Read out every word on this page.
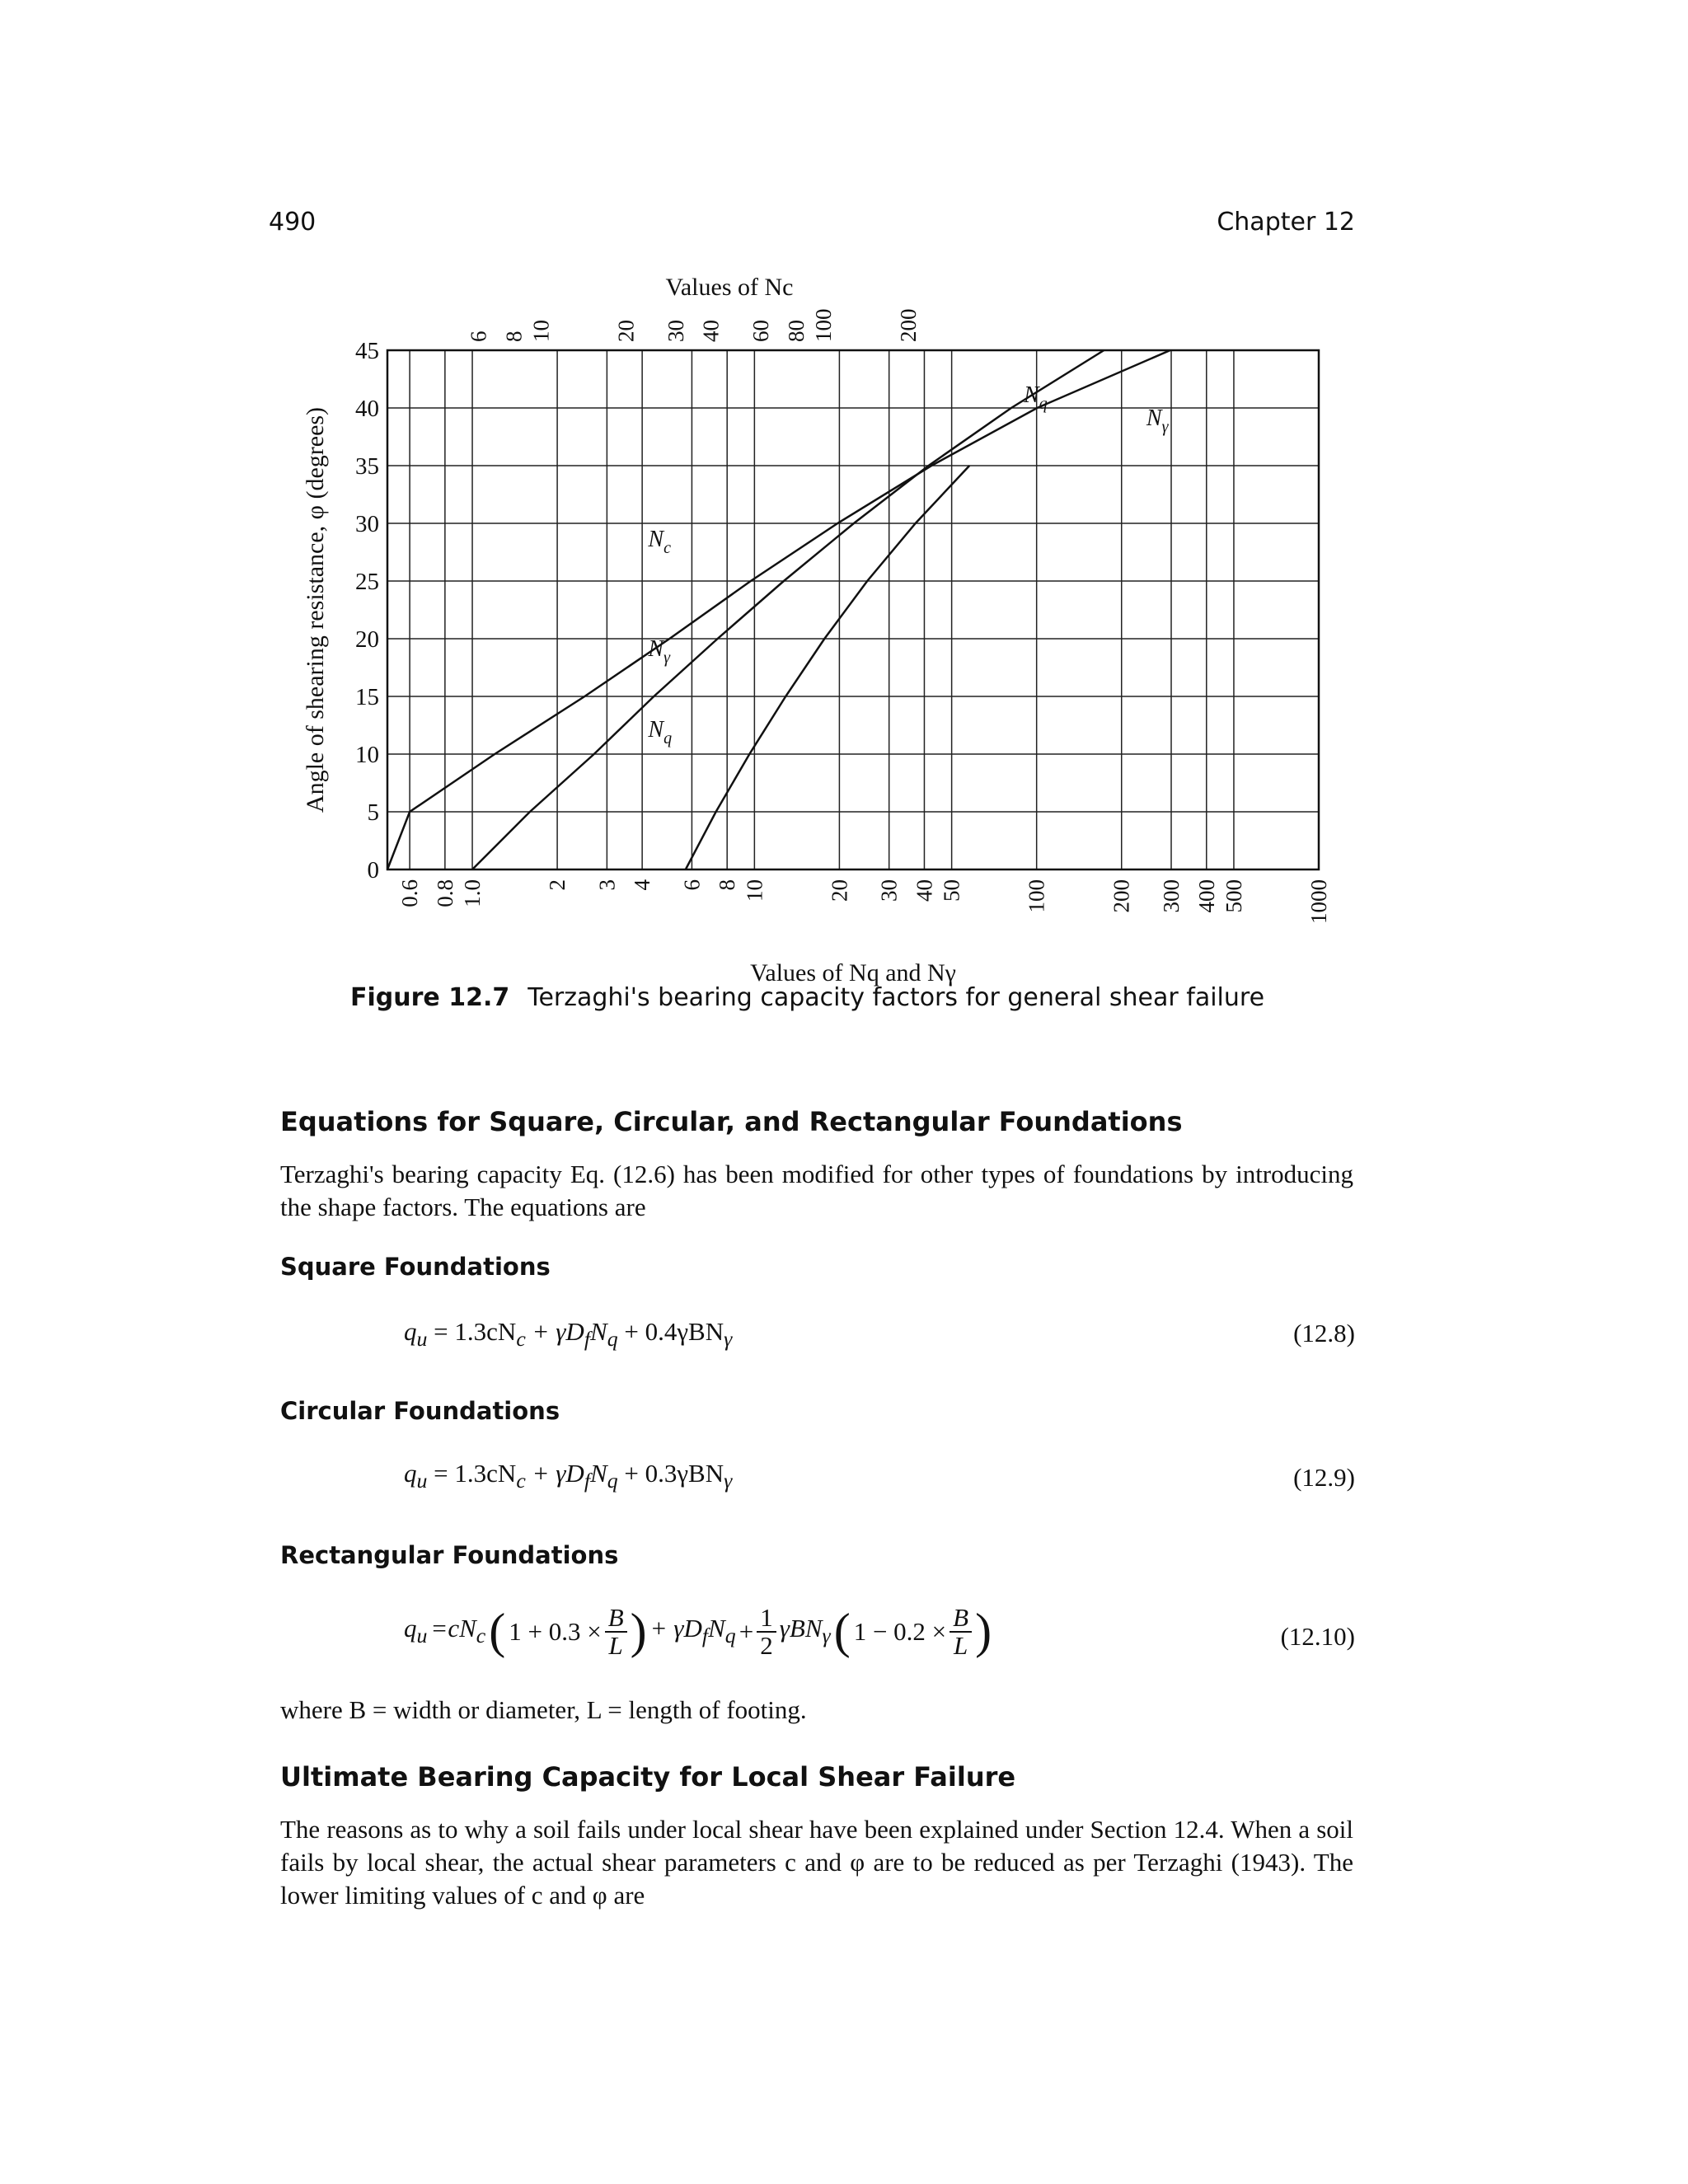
490	Chapter 12
0
5
10
15
20
25
30
35
40
45
0.6 0.8 1.0	2 3 4 6 8 10	20 30 40 50	100	200 300 400 500	1000
6 8 10	20 30 40 60 80 100	200
Angle of shearing resistance, φ (degrees)
Values of Nq and Nγ
Values of Nc
$N_c$
$N_\gamma$
$N_q$
$N_q$
$N_\gamma$
Figure 12.7 Terzaghi's bearing capacity factors for general shear failure
Equations for Square, Circular, and Rectangular Foundations
Terzaghi's bearing capacity Eq. (12.6) has been modified for other types of foundations by introducing the shape factors. The equations are
Square Foundations
$q_u = 1.3cN_c + \gamma D_fN_q + 0.4\gamma BN_\gamma$	(12.8)
Circular Foundations
$q_u = 1.3cN_c + \gamma D_fN_q + 0.3\gamma BN_\gamma$	(12.9)
Rectangular Foundations
$q_u =cN_c$ ( $1 + 0.3 \times \frac{B}{L}$ ) + $\gamma D_fN_q + \frac{1}{2} \gamma BN_\gamma$ ( $1 - 0.2 \times \frac{B}{L}$ )	(12.10)
where B = width or diameter, L = length of footing.
Ultimate Bearing Capacity for Local Shear Failure
The reasons as to why a soil fails under local shear have been explained under Section 12.4. When a soil fails by local shear, the actual shear parameters c and φ are to be reduced as per Terzaghi (1943). The lower limiting values of c and φ are
